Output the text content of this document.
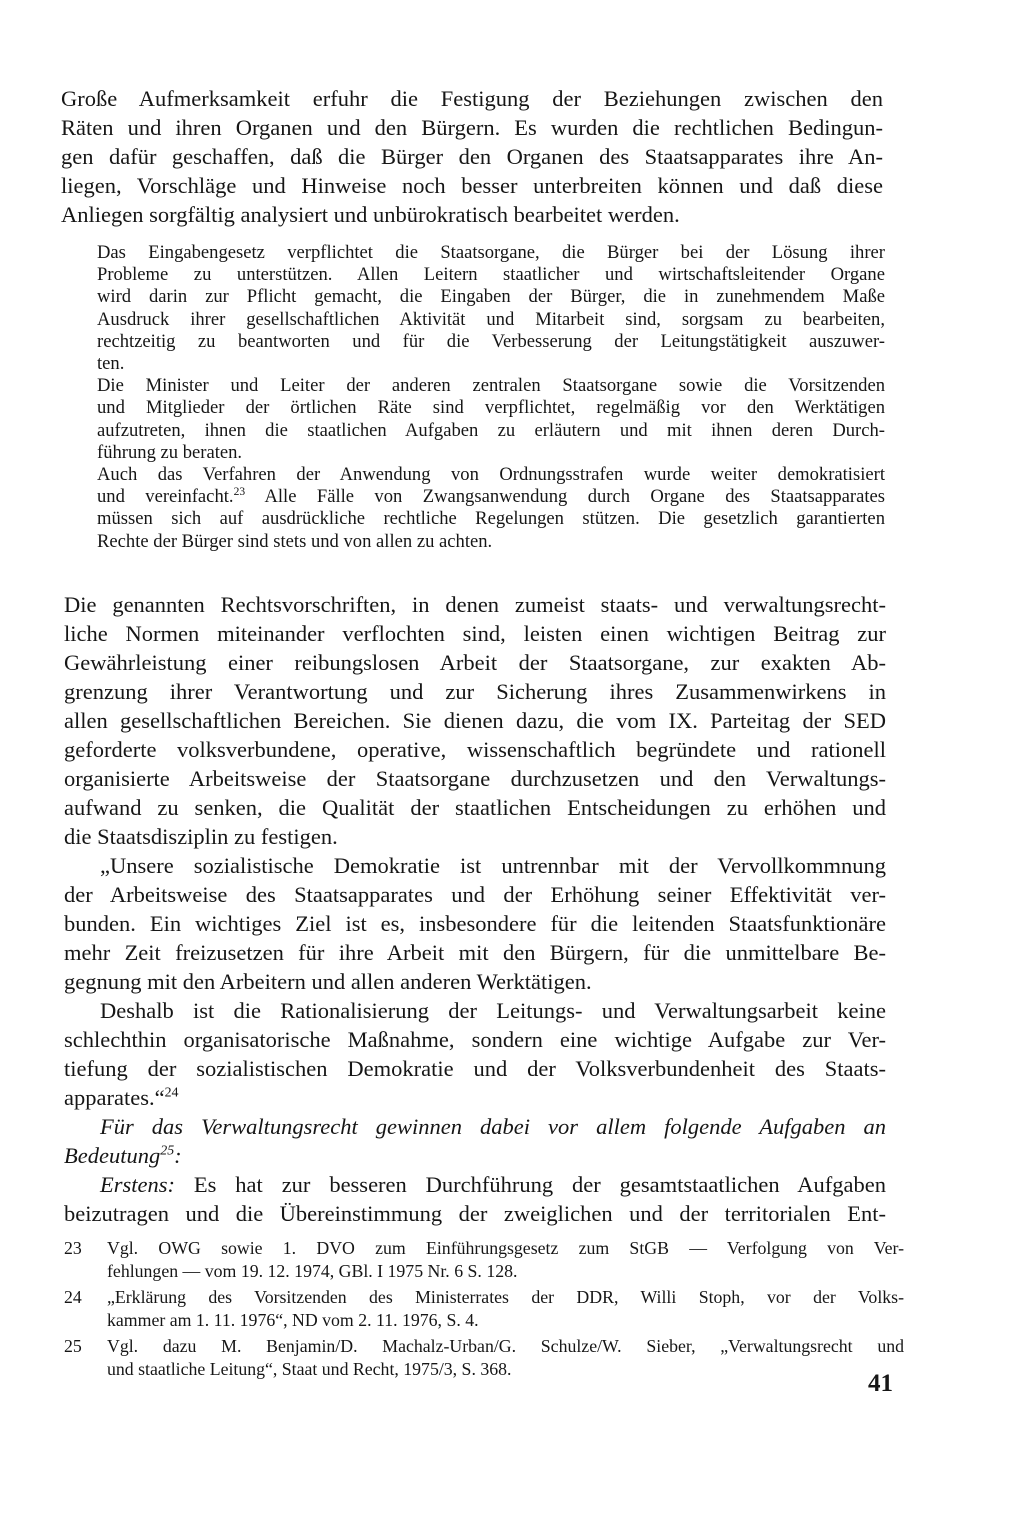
Große Aufmerksamkeit erfuhr die Festigung der Beziehungen zwischen den
Räten und ihren Organen und den Bürgern. Es wurden die rechtlichen Bedingun-
gen dafür geschaffen, daß die Bürger den Organen des Staatsapparates ihre An-
liegen, Vorschläge und Hinweise noch besser unterbreiten können und daß diese
Anliegen sorgfältig analysiert und unbürokratisch bearbeitet werden.
Das Eingabengesetz verpflichtet die Staatsorgane, die Bürger bei der Lösung ihrer
Probleme zu unterstützen. Allen Leitern staatlicher und wirtschaftsleitender Organe
wird darin zur Pflicht gemacht, die Eingaben der Bürger, die in zunehmendem Maße
Ausdruck ihrer gesellschaftlichen Aktivität und Mitarbeit sind, sorgsam zu bearbeiten,
rechtzeitig zu beantworten und für die Verbesserung der Leitungstätigkeit auszuwer-
ten.
Die Minister und Leiter der anderen zentralen Staatsorgane sowie die Vorsitzenden
und Mitglieder der örtlichen Räte sind verpflichtet, regelmäßig vor den Werktätigen
aufzutreten, ihnen die staatlichen Aufgaben zu erläutern und mit ihnen deren Durch-
führung zu beraten.
Auch das Verfahren der Anwendung von Ordnungsstrafen wurde weiter demokratisiert
und vereinfacht.$^{23}$ Alle Fälle von Zwangsanwendung durch Organe des Staatsapparates
müssen sich auf ausdrückliche rechtliche Regelungen stützen. Die gesetzlich garantierten
Rechte der Bürger sind stets und von allen zu achten.
Die genannten Rechtsvorschriften, in denen zumeist staats- und verwaltungsrecht-
liche Normen miteinander verflochten sind, leisten einen wichtigen Beitrag zur
Gewährleistung einer reibungslosen Arbeit der Staatsorgane, zur exakten Ab-
grenzung ihrer Verantwortung und zur Sicherung ihres Zusammenwirkens in
allen gesellschaftlichen Bereichen. Sie dienen dazu, die vom IX. Parteitag der SED
geforderte volksverbundene, operative, wissenschaftlich begründete und rationell
organisierte Arbeitsweise der Staatsorgane durchzusetzen und den Verwaltungs-
aufwand zu senken, die Qualität der staatlichen Entscheidungen zu erhöhen und
die Staatsdisziplin zu festigen.
„Unsere sozialistische Demokratie ist untrennbar mit der Vervollkommnung
der Arbeitsweise des Staatsapparates und der Erhöhung seiner Effektivität ver-
bunden. Ein wichtiges Ziel ist es, insbesondere für die leitenden Staatsfunktionäre
mehr Zeit freizusetzen für ihre Arbeit mit den Bürgern, für die unmittelbare Be-
gegnung mit den Arbeitern und allen anderen Werktätigen.
Deshalb ist die Rationalisierung der Leitungs- und Verwaltungsarbeit keine
schlechthin organisatorische Maßnahme, sondern eine wichtige Aufgabe zur Ver-
tiefung der sozialistischen Demokratie und der Volksverbundenheit des Staats-
apparates.“$^{24}$
Für das Verwaltungsrecht gewinnen dabei vor allem folgende Aufgaben an
Bedeutung$^{25}$:
Erstens: Es hat zur besseren Durchführung der gesamtstaatlichen Aufgaben
beizutragen und die Übereinstimmung der zweiglichen und der territorialen Ent-
23 Vgl. OWG sowie 1. DVO zum Einführungsgesetz zum StGB — Verfolgung von Ver-
fehlungen — vom 19. 12. 1974, GBl. I 1975 Nr. 6 S. 128.
24 „Erklärung des Vorsitzenden des Ministerrates der DDR, Willi Stoph, vor der Volks-
kammer am 1. 11. 1976“, ND vom 2. 11. 1976, S. 4.
25 Vgl. dazu M. Benjamin/D. Machalz-Urban/G. Schulze/W. Sieber, „Verwaltungsrecht und
und staatliche Leitung“, Staat und Recht, 1975/3, S. 368.
41
